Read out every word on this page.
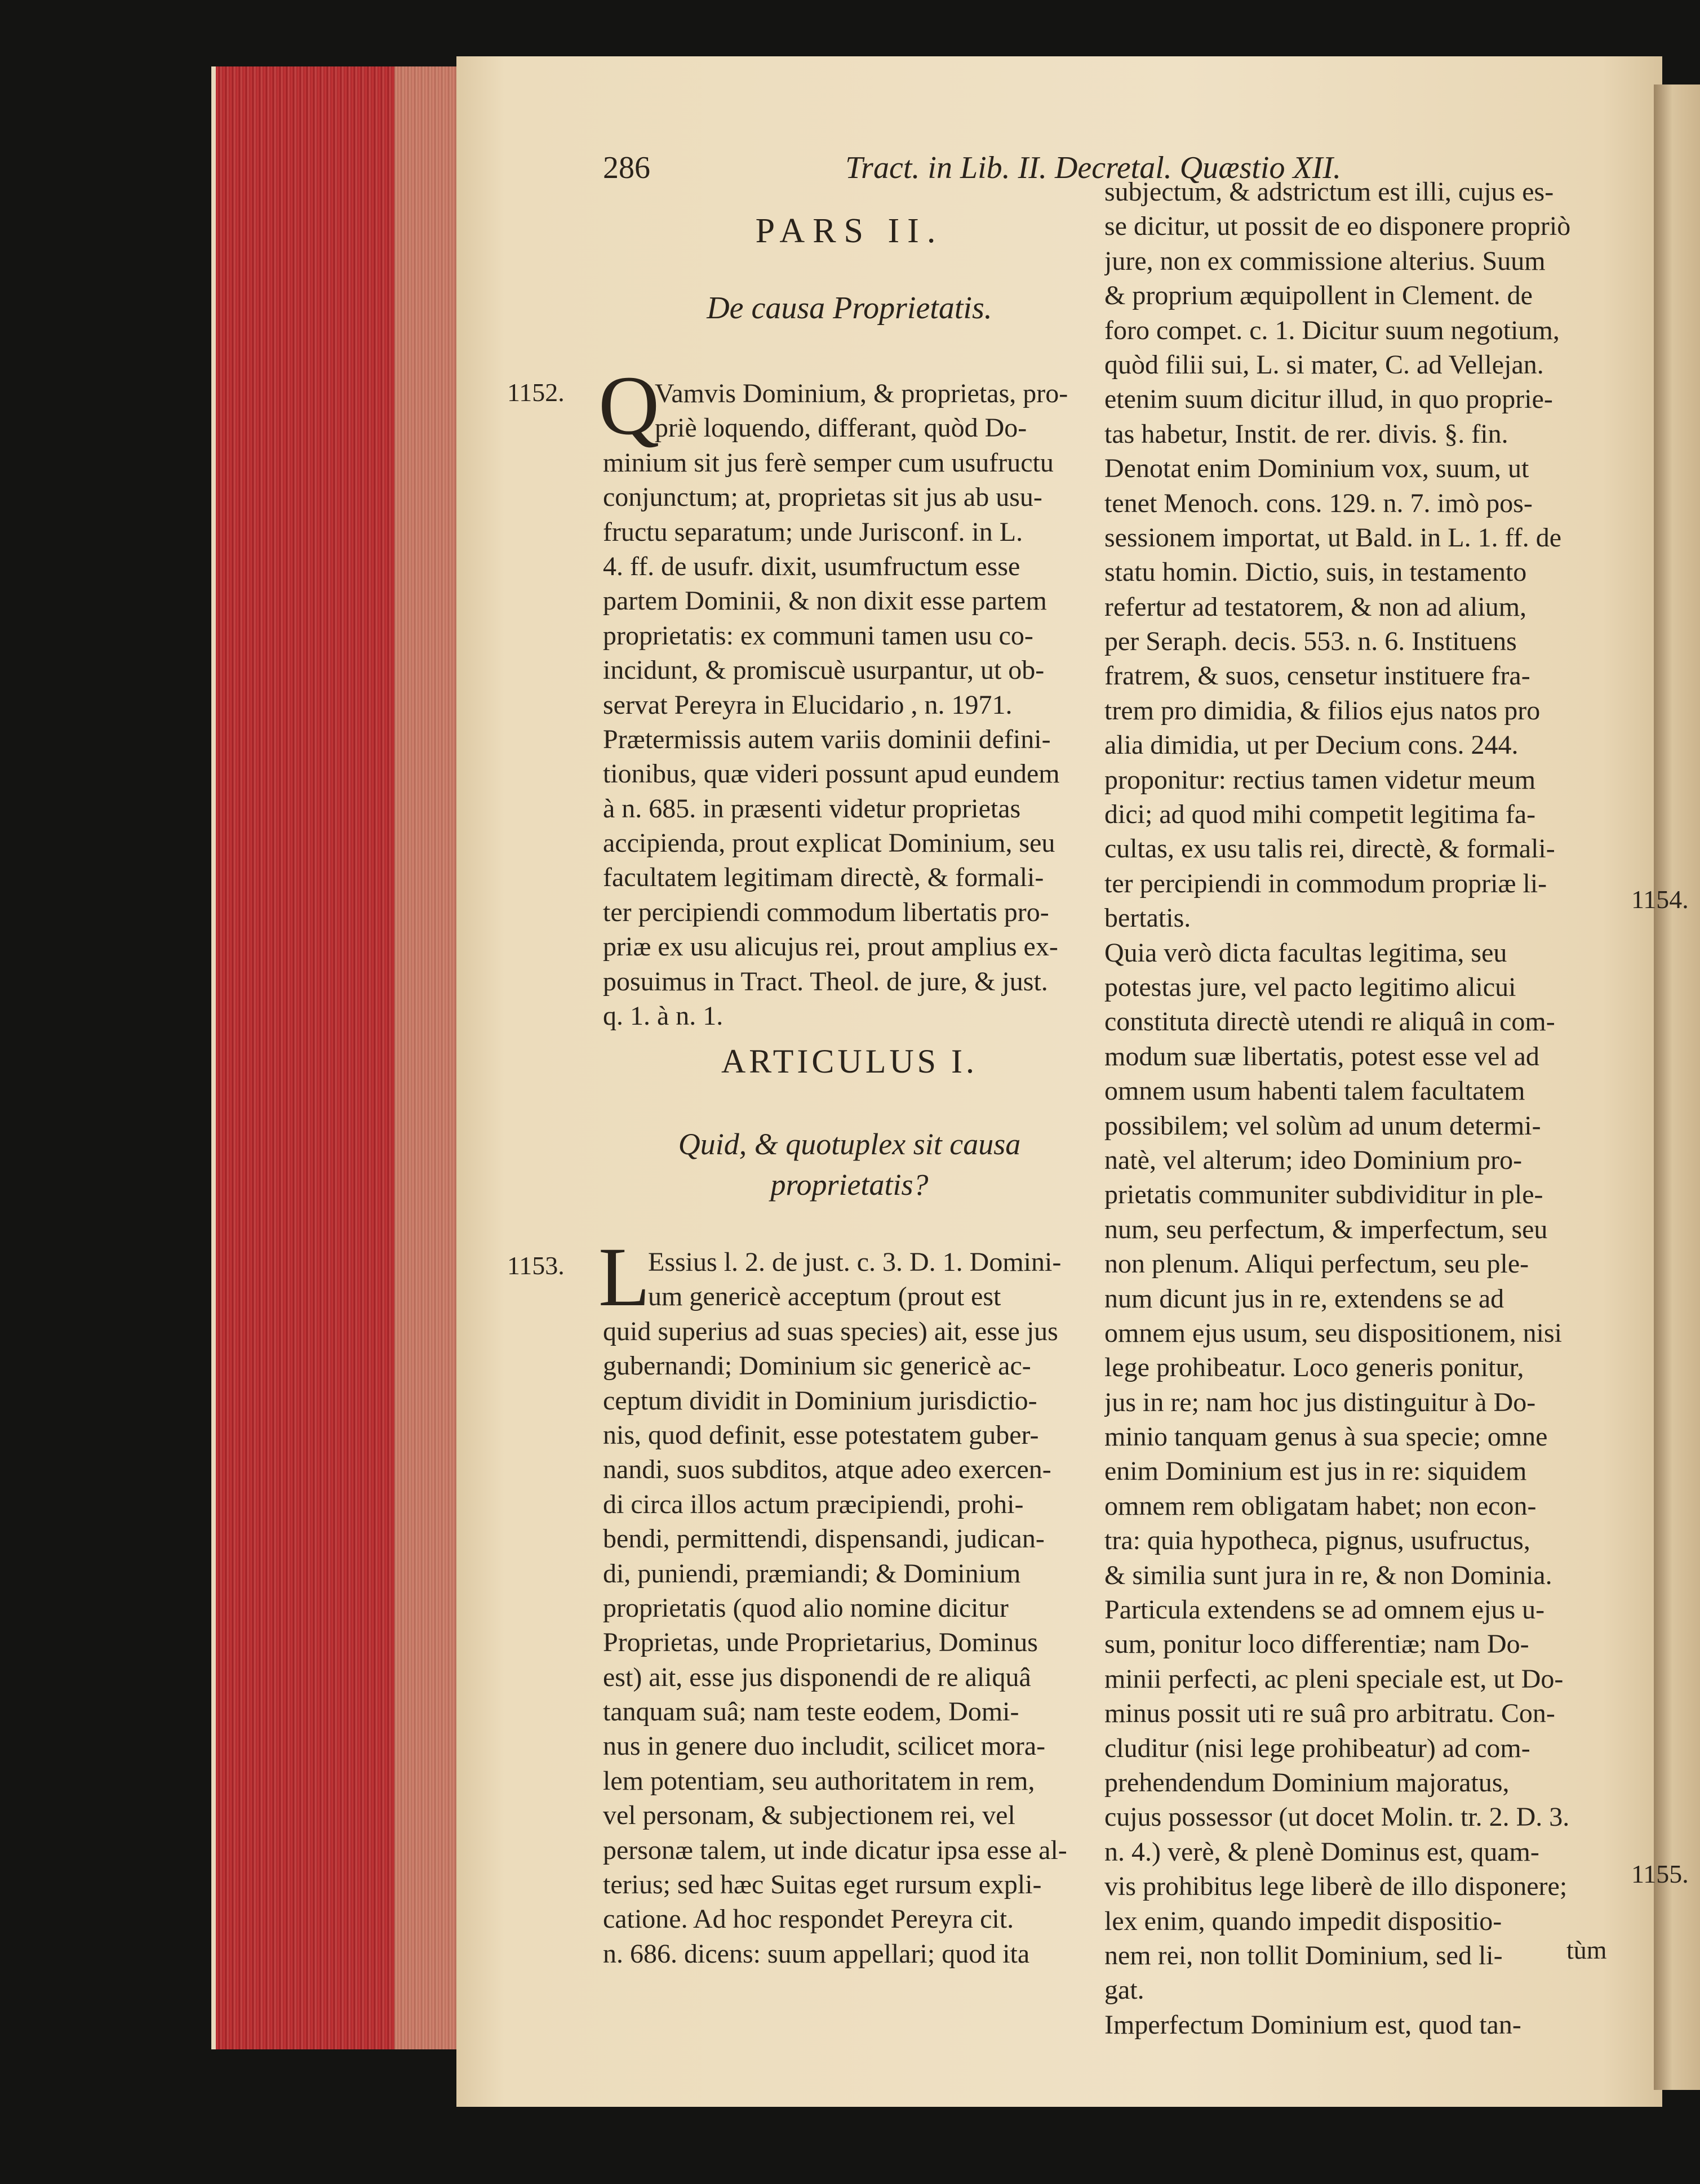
286	Tract. in Lib. II. Decretal. Quæstio XII.
PARS II.
De causa Proprietatis.
1152. Q
Vamvis Dominium, & proprietas, pro-
priè loquendo, differant, quòd Do-
minium sit jus ferè semper cum usufructu
conjunctum; at, proprietas sit jus ab usu-
fructu separatum; unde Jurisconf. in L.
4. ff. de usufr. dixit, usumfructum esse
partem Dominii, & non dixit esse partem
proprietatis: ex communi tamen usu co-
incidunt, & promiscuè usurpantur, ut ob-
servat Pereyra in Elucidario , n. 1971.
Prætermissis autem variis dominii defini-
tionibus, quæ videri possunt apud eundem
à n. 685. in præsenti videtur proprietas
accipienda, prout explicat Dominium, seu
facultatem legitimam directè, & formali-
ter percipiendi commodum libertatis pro-
priæ ex usu alicujus rei, prout amplius ex-
posuimus in Tract. Theol. de jure, & just.
q. 1. à n. 1.
ARTICULUS I.
Quid, & quotuplex sit causa proprietatis?
1153. L
Essius l. 2. de just. c. 3. D. 1. Domini-
um genericè acceptum (prout est
quid superius ad suas species) ait, esse jus
gubernandi; Dominium sic genericè ac-
ceptum dividit in Dominium jurisdictio-
nis, quod definit, esse potestatem guber-
nandi, suos subditos, atque adeo exercen-
di circa illos actum præcipiendi, prohi-
bendi, permittendi, dispensandi, judican-
di, puniendi, præmiandi; & Dominium
proprietatis (quod alio nomine dicitur
Proprietas, unde Proprietarius, Dominus
est) ait, esse jus disponendi de re aliquâ
tanquam suâ; nam teste eodem, Domi-
nus in genere duo includit, scilicet mora-
lem potentiam, seu authoritatem in rem,
vel personam, & subjectionem rei, vel
personæ talem, ut inde dicatur ipsa esse al-
terius; sed hæc Suitas eget rursum expli-
catione. Ad hoc respondet Pereyra cit.
n. 686. dicens: suum appellari; quod ita
subjectum, & adstrictum est illi, cujus es-
se dicitur, ut possit de eo disponere propriò
jure, non ex commissione alterius. Suum
& proprium æquipollent in Clement. de
foro compet. c. 1. Dicitur suum negotium,
quòd filii sui, L. si mater, C. ad Vellejan.
etenim suum dicitur illud, in quo proprie-
tas habetur, Instit. de rer. divis. §. fin.
Denotat enim Dominium vox, suum, ut
tenet Menoch. cons. 129. n. 7. imò pos-
sessionem importat, ut Bald. in L. 1. ff. de
statu homin. Dictio, suis, in testamento
refertur ad testatorem, & non ad alium,
per Seraph. decis. 553. n. 6. Instituens
fratrem, & suos, censetur instituere fra-
trem pro dimidia, & filios ejus natos pro
alia dimidia, ut per Decium cons. 244.
proponitur: rectius tamen videtur meum
dici; ad quod mihi competit legitima fa-
cultas, ex usu talis rei, directè, & formali-
ter percipiendi in commodum propriæ li-
bertatis.
Quia verò dicta facultas legitima, seu
potestas jure, vel pacto legitimo alicui
constituta directè utendi re aliquâ in com-
modum suæ libertatis, potest esse vel ad
omnem usum habenti talem facultatem
possibilem; vel solùm ad unum determi-
natè, vel alterum; ideo Dominium pro-
prietatis communiter subdividitur in ple-
num, seu perfectum, & imperfectum, seu
non plenum. Aliqui perfectum, seu ple-
num dicunt jus in re, extendens se ad
omnem ejus usum, seu dispositionem, nisi
lege prohibeatur. Loco generis ponitur,
jus in re; nam hoc jus distinguitur à Do-
minio tanquam genus à sua specie; omne
enim Dominium est jus in re: siquidem
omnem rem obligatam habet; non econ-
tra: quia hypotheca, pignus, usufructus,
& similia sunt jura in re, & non Dominia.
Particula extendens se ad omnem ejus u-
sum, ponitur loco differentiæ; nam Do-
minii perfecti, ac pleni speciale est, ut Do-
minus possit uti re suâ pro arbitratu. Con-
cluditur (nisi lege prohibeatur) ad com-
prehendendum Dominium majoratus,
cujus possessor (ut docet Molin. tr. 2. D. 3.
n. 4.) verè, & plenè Dominus est, quam-
vis prohibitus lege liberè de illo disponere;
lex enim, quando impedit dispositio-
nem rei, non tollit Dominium, sed li-
gat.
Imperfectum Dominium est, quod tan-
1154.
1155.
tùm
